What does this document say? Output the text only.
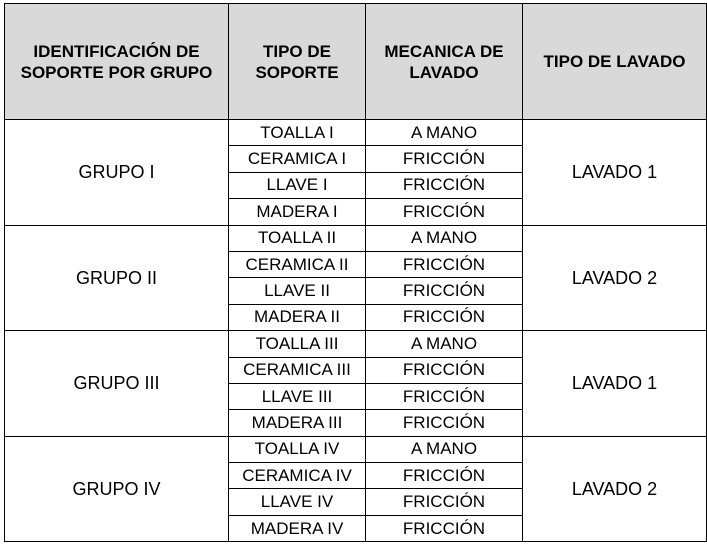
IDENTIFICACIÓN DE SOPORTE POR GRUPO	TIPO DE SOPORTE	MECANICA DE LAVADO	TIPO DE LAVADO
GRUPO I	TOALLA I	A MANO	LAVADO 1
	CERAMICA I	FRICCIÓN	
	LLAVE I	FRICCIÓN	
	MADERA I	FRICCIÓN	
GRUPO II	TOALLA II	A MANO	LAVADO 2
	CERAMICA II	FRICCIÓN	
	LLAVE II	FRICCIÓN	
	MADERA II	FRICCIÓN	
GRUPO III	TOALLA III	A MANO	LAVADO 1
	CERAMICA III	FRICCIÓN	
	LLAVE III	FRICCIÓN	
	MADERA III	FRICCIÓN	
GRUPO IV	TOALLA IV	A MANO	LAVADO 2
	CERAMICA IV	FRICCIÓN	
	LLAVE IV	FRICCIÓN	
	MADERA IV	FRICCIÓN	
